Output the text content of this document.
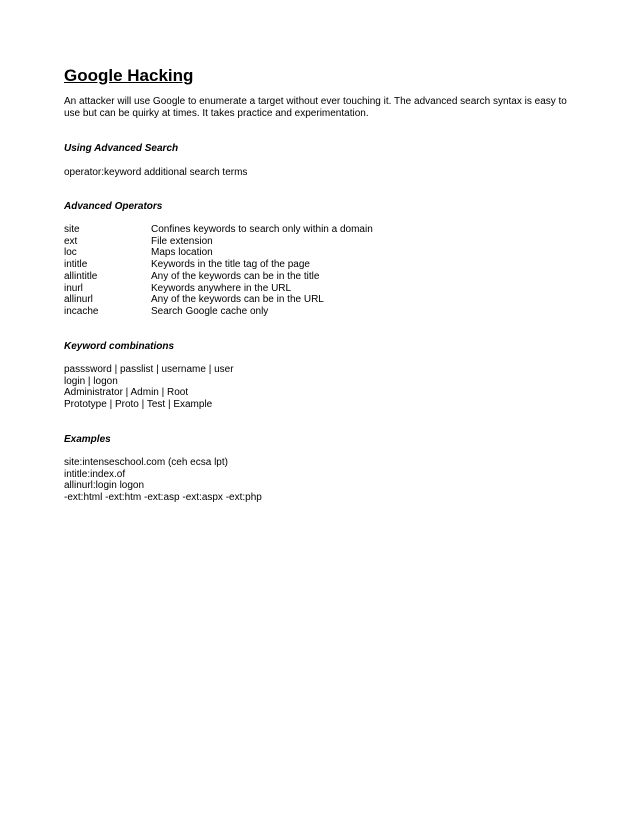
Google Hacking

An attacker will use Google to enumerate a target without ever touching it. The advanced search syntax is easy to use but can be quirky at times. It takes practice and experimentation.

Using Advanced Search

operator:keyword additional search terms

Advanced Operators

site	Confines keywords to search only within a domain
ext	File extension
loc	Maps location
intitle	Keywords in the title tag of the page
allintitle	Any of the keywords can be in the title
inurl	Keywords anywhere in the URL
allinurl	Any of the keywords can be in the URL
incache	Search Google cache only

Keyword combinations

passsword | passlist | username | user
login | logon
Administrator | Admin | Root
Prototype | Proto | Test | Example

Examples

site:intenseschool.com (ceh ecsa lpt)
intitle:index.of
allinurl:login logon
-ext:html -ext:htm -ext:asp -ext:aspx -ext:php
